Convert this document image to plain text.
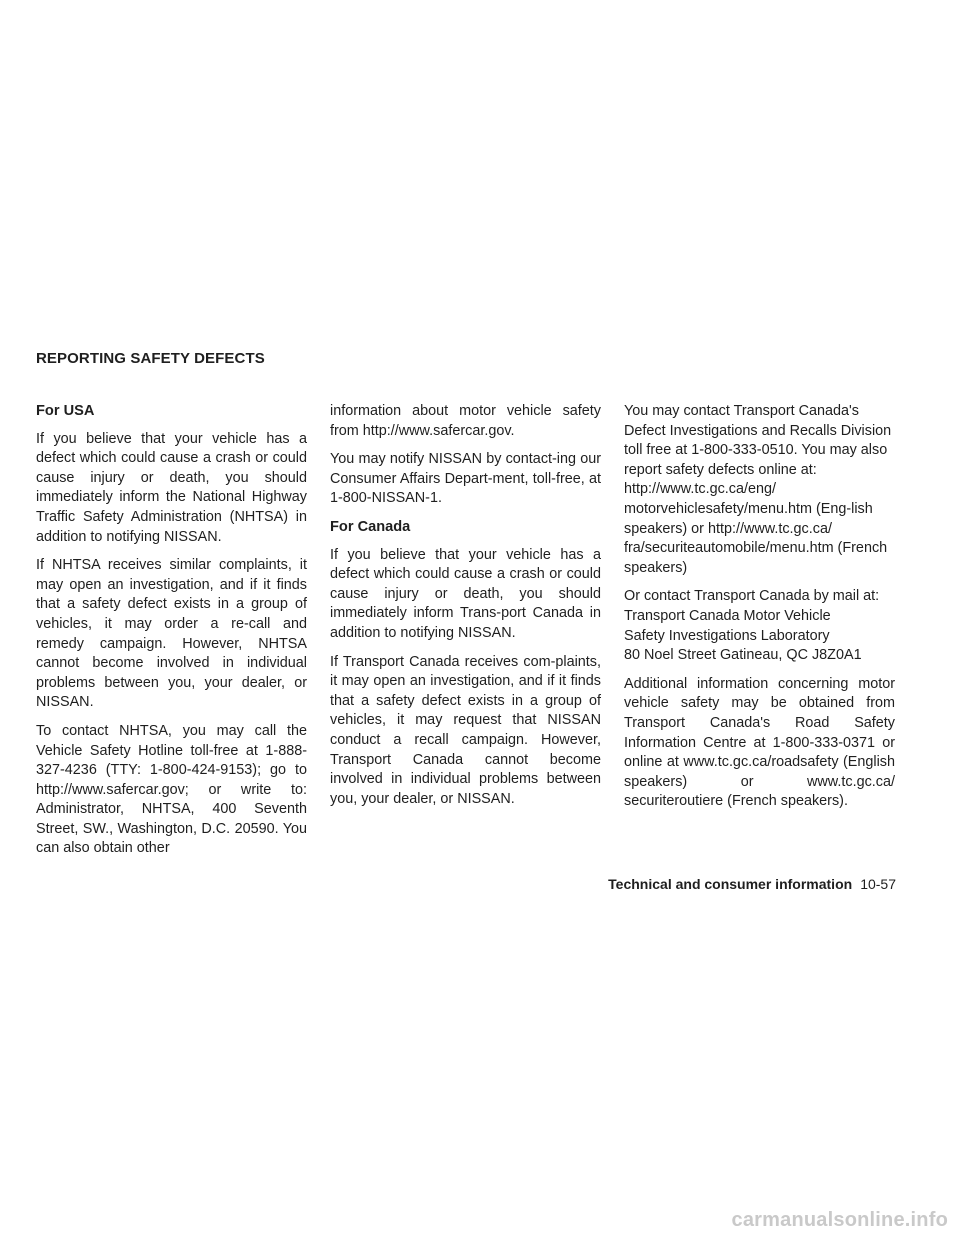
REPORTING SAFETY DEFECTS
For USA

If you believe that your vehicle has a defect which could cause a crash or could cause injury or death, you should immediately inform the National Highway Traffic Safety Administration (NHTSA) in addition to notifying NISSAN.

If NHTSA receives similar complaints, it may open an investigation, and if it finds that a safety defect exists in a group of vehicles, it may order a re-call and remedy campaign. However, NHTSA cannot become involved in individual problems between you, your dealer, or NISSAN.

To contact NHTSA, you may call the Vehicle Safety Hotline toll-free at 1-888-327-4236 (TTY: 1-800-424-9153); go to http://www.safercar.gov; or write to: Administrator, NHTSA, 400 Seventh Street, SW., Washington, D.C. 20590. You can also obtain other

information about motor vehicle safety from http://www.safercar.gov.

You may notify NISSAN by contact-ing our Consumer Affairs Depart-ment, toll-free, at 1-800-NISSAN-1.

For Canada

If you believe that your vehicle has a defect which could cause a crash or could cause injury or death, you should immediately inform Trans-port Canada in addition to notifying NISSAN.

If Transport Canada receives com-plaints, it may open an investigation, and if it finds that a safety defect exists in a group of vehicles, it may request that NISSAN conduct a recall campaign. However, Transport Canada cannot become involved in individual problems between you, your dealer, or NISSAN.

You may contact Transport Canada's Defect Investigations and Recalls Division toll free at 1-800-333-0510. You may also report safety defects online at: http://www.tc.gc.ca/eng/ motorvehiclesafety/menu.htm (Eng-lish speakers) or http://www.tc.gc.ca/ fra/securiteautomobile/menu.htm (French speakers)

Or contact Transport Canada by mail at:

Transport Canada Motor Vehicle

Safety Investigations Laboratory

80 Noel Street Gatineau, QC J8Z0A1

Additional information concerning motor vehicle safety may be obtained from Transport Canada's Road Safety Information Centre at 1-800-333-0371 or online at www.tc.gc.ca/roadsafety (English speakers) or www.tc.gc.ca/ securiteroutiere (French speakers).

Technical and consumer information 10-57
carmanualsonline.info
